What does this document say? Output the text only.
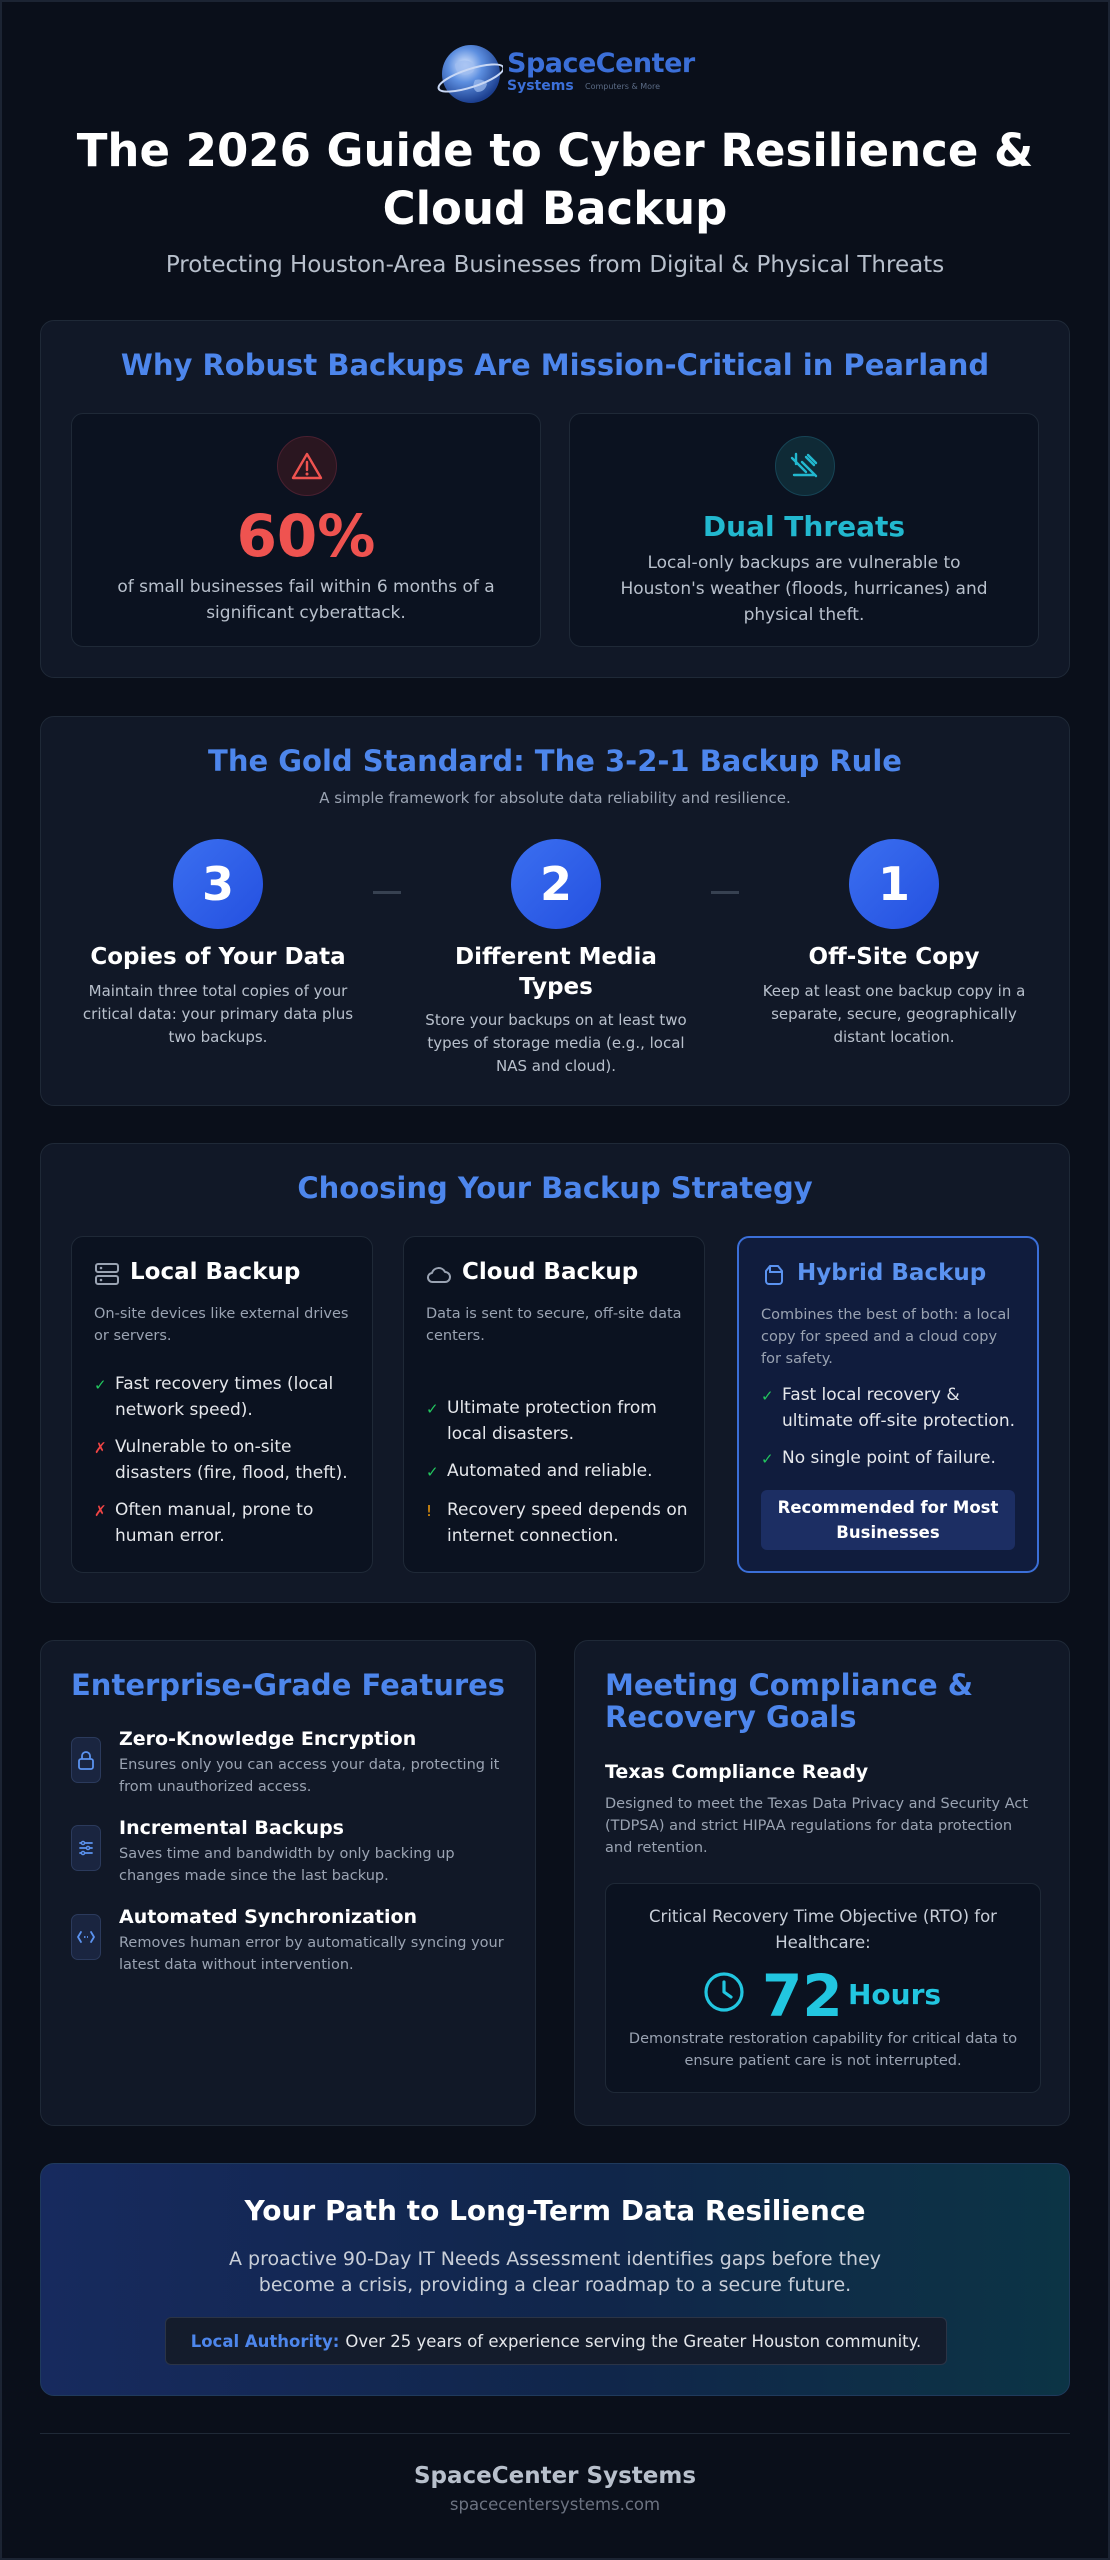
SpaceCenter
Systems Computers & More
The 2026 Guide to Cyber Resilience & Cloud Backup
Protecting Houston-Area Businesses from Digital & Physical Threats
Why Robust Backups Are Mission-Critical in Pearland
60%
of small businesses fail within 6 months of a significant cyberattack.
Dual Threats
Local-only backups are vulnerable to Houston's weather (floods, hurricanes) and physical theft.
The Gold Standard: The 3-2-1 Backup Rule
A simple framework for absolute data reliability and resilience.
3	2	1
Copies of Your Data
Maintain three total copies of your critical data: your primary data plus two backups.
Different Media Types
Store your backups on at least two types of storage media (e.g., local NAS and cloud).
Off-Site Copy
Keep at least one backup copy in a separate, secure, geographically distant location.
Choosing Your Backup Strategy
Local Backup
On-site devices like external drives or servers.
✓ Fast recovery times (local network speed).
✗ Vulnerable to on-site disasters (fire, flood, theft).
✗ Often manual, prone to human error.
Cloud Backup
Data is sent to secure, off-site data centers.
✓ Ultimate protection from local disasters.
✓ Automated and reliable.
! Recovery speed depends on internet connection.
Hybrid Backup
Combines the best of both: a local copy for speed and a cloud copy for safety.
✓ Fast local recovery & ultimate off-site protection.
✓ No single point of failure.
Recommended for Most Businesses
Enterprise-Grade Features
Zero-Knowledge Encryption
Ensures only you can access your data, protecting it from unauthorized access.
Incremental Backups
Saves time and bandwidth by only backing up changes made since the last backup.
Automated Synchronization
Removes human error by automatically syncing your latest data without intervention.
Meeting Compliance & Recovery Goals
Texas Compliance Ready
Designed to meet the Texas Data Privacy and Security Act (TDPSA) and strict HIPAA regulations for data protection and retention.
Critical Recovery Time Objective (RTO) for Healthcare:
72 Hours
Demonstrate restoration capability for critical data to ensure patient care is not interrupted.
Your Path to Long-Term Data Resilience
A proactive 90-Day IT Needs Assessment identifies gaps before they become a crisis, providing a clear roadmap to a secure future.
Local Authority: Over 25 years of experience serving the Greater Houston community.
SpaceCenter Systems
spacecentersystems.com
